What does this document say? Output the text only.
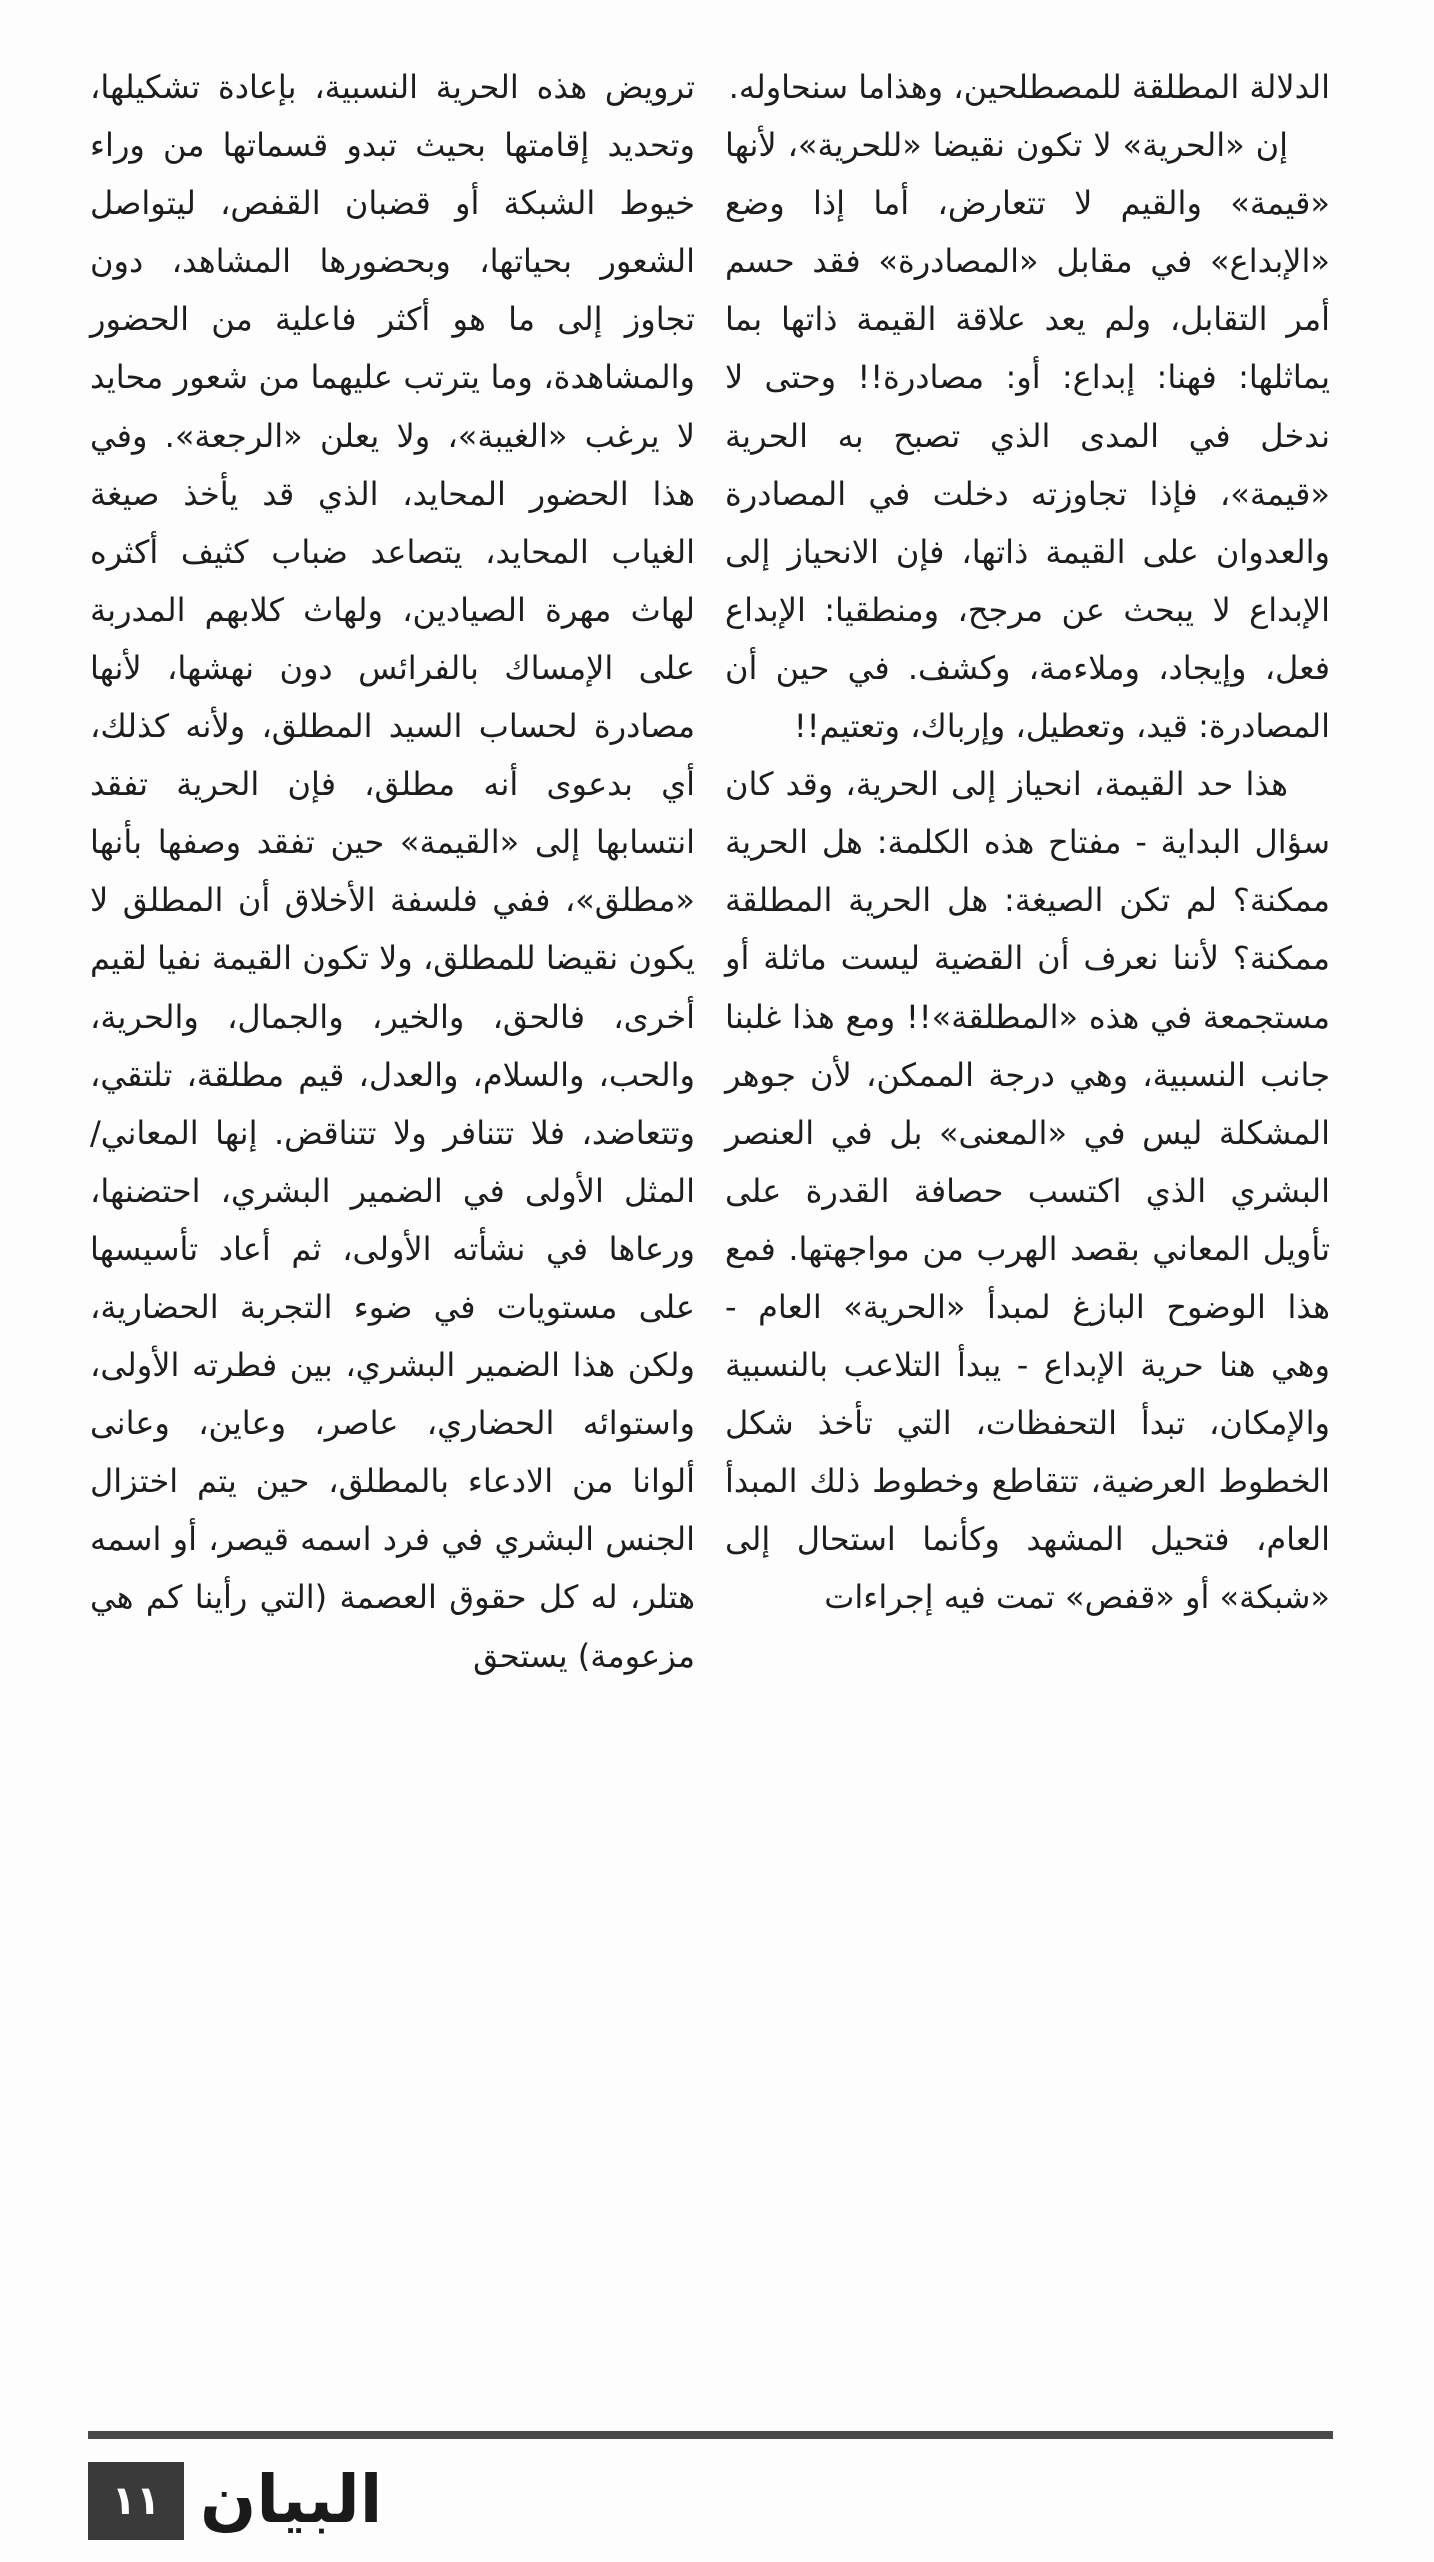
الدلالة المطلقة للمصطلحين، وهذاما سنحاوله.

إن «الحرية» لا تكون نقيضا «للحرية»، لأنها «قيمة» والقيم لا تتعارض، أما إذا وضع «الإبداع» في مقابل «المصادرة» فقد حسم أمر التقابل، ولم يعد علاقة القيمة ذاتها بما يماثلها: فهنا: إبداع: أو: مصادرة!! وحتى لا ندخل في المدى الذي تصبح به الحرية «قيمة»، فإذا تجاوزته دخلت في المصادرة والعدوان على القيمة ذاتها، فإن الانحياز إلى الإبداع لا يبحث عن مرجح، ومنطقيا: الإبداع فعل، وإيجاد، وملاءمة، وكشف. في حين أن المصادرة: قيد، وتعطيل، وإرباك، وتعتيم!!

هذا حد القيمة، انحياز إلى الحرية، وقد كان سؤال البداية - مفتاح هذه الكلمة: هل الحرية ممكنة؟ لم تكن الصيغة: هل الحرية المطلقة ممكنة؟ لأننا نعرف أن القضية ليست ماثلة أو مستجمعة في هذه «المطلقة»!! ومع هذا غلبنا جانب النسبية، وهي درجة الممكن، لأن جوهر المشكلة ليس في «المعنى» بل في العنصر البشري الذي اكتسب حصافة القدرة على تأويل المعاني بقصد الهرب من مواجهتها. فمع هذا الوضوح البازغ لمبدأ «الحرية» العام - وهي هنا حرية الإبداع - يبدأ التلاعب بالنسبية والإمكان، تبدأ التحفظات، التي تأخذ شكل الخطوط العرضية، تتقاطع وخطوط ذلك المبدأ العام، فتحيل المشهد وكأنما استحال إلى «شبكة» أو «قفص» تمت فيه إجراءات

ترويض هذه الحرية النسبية، بإعادة تشكيلها، وتحديد إقامتها بحيث تبدو قسماتها من وراء خيوط الشبكة أو قضبان القفص، ليتواصل الشعور بحياتها، وبحضورها المشاهد، دون تجاوز إلى ما هو أكثر فاعلية من الحضور والمشاهدة، وما يترتب عليهما من شعور محايد لا يرغب «الغيبة»، ولا يعلن «الرجعة». وفي هذا الحضور المحايد، الذي قد يأخذ صيغة الغياب المحايد، يتصاعد ضباب كثيف أكثره لهاث مهرة الصيادين، ولهاث كلابهم المدربة على الإمساك بالفرائس دون نهشها، لأنها مصادرة لحساب السيد المطلق، ولأنه كذلك، أي بدعوى أنه مطلق، فإن الحرية تفقد انتسابها إلى «القيمة» حين تفقد وصفها بأنها «مطلق»، ففي فلسفة الأخلاق أن المطلق لا يكون نقيضا للمطلق، ولا تكون القيمة نفيا لقيم أخرى، فالحق، والخير، والجمال، والحرية، والحب، والسلام، والعدل، قيم مطلقة، تلتقي، وتتعاضد، فلا تتنافر ولا تتناقض. إنها المعاني/ المثل الأولى في الضمير البشري، احتضنها، ورعاها في نشأته الأولى، ثم أعاد تأسيسها على مستويات في ضوء التجربة الحضارية، ولكن هذا الضمير البشري، بين فطرته الأولى، واستوائه الحضاري، عاصر، وعاين، وعانى ألوانا من الادعاء بالمطلق، حين يتم اختزال الجنس البشري في فرد اسمه قيصر، أو اسمه هتلر، له كل حقوق العصمة (التي رأينا كم هي مزعومة) يستحق

١١ البيان
